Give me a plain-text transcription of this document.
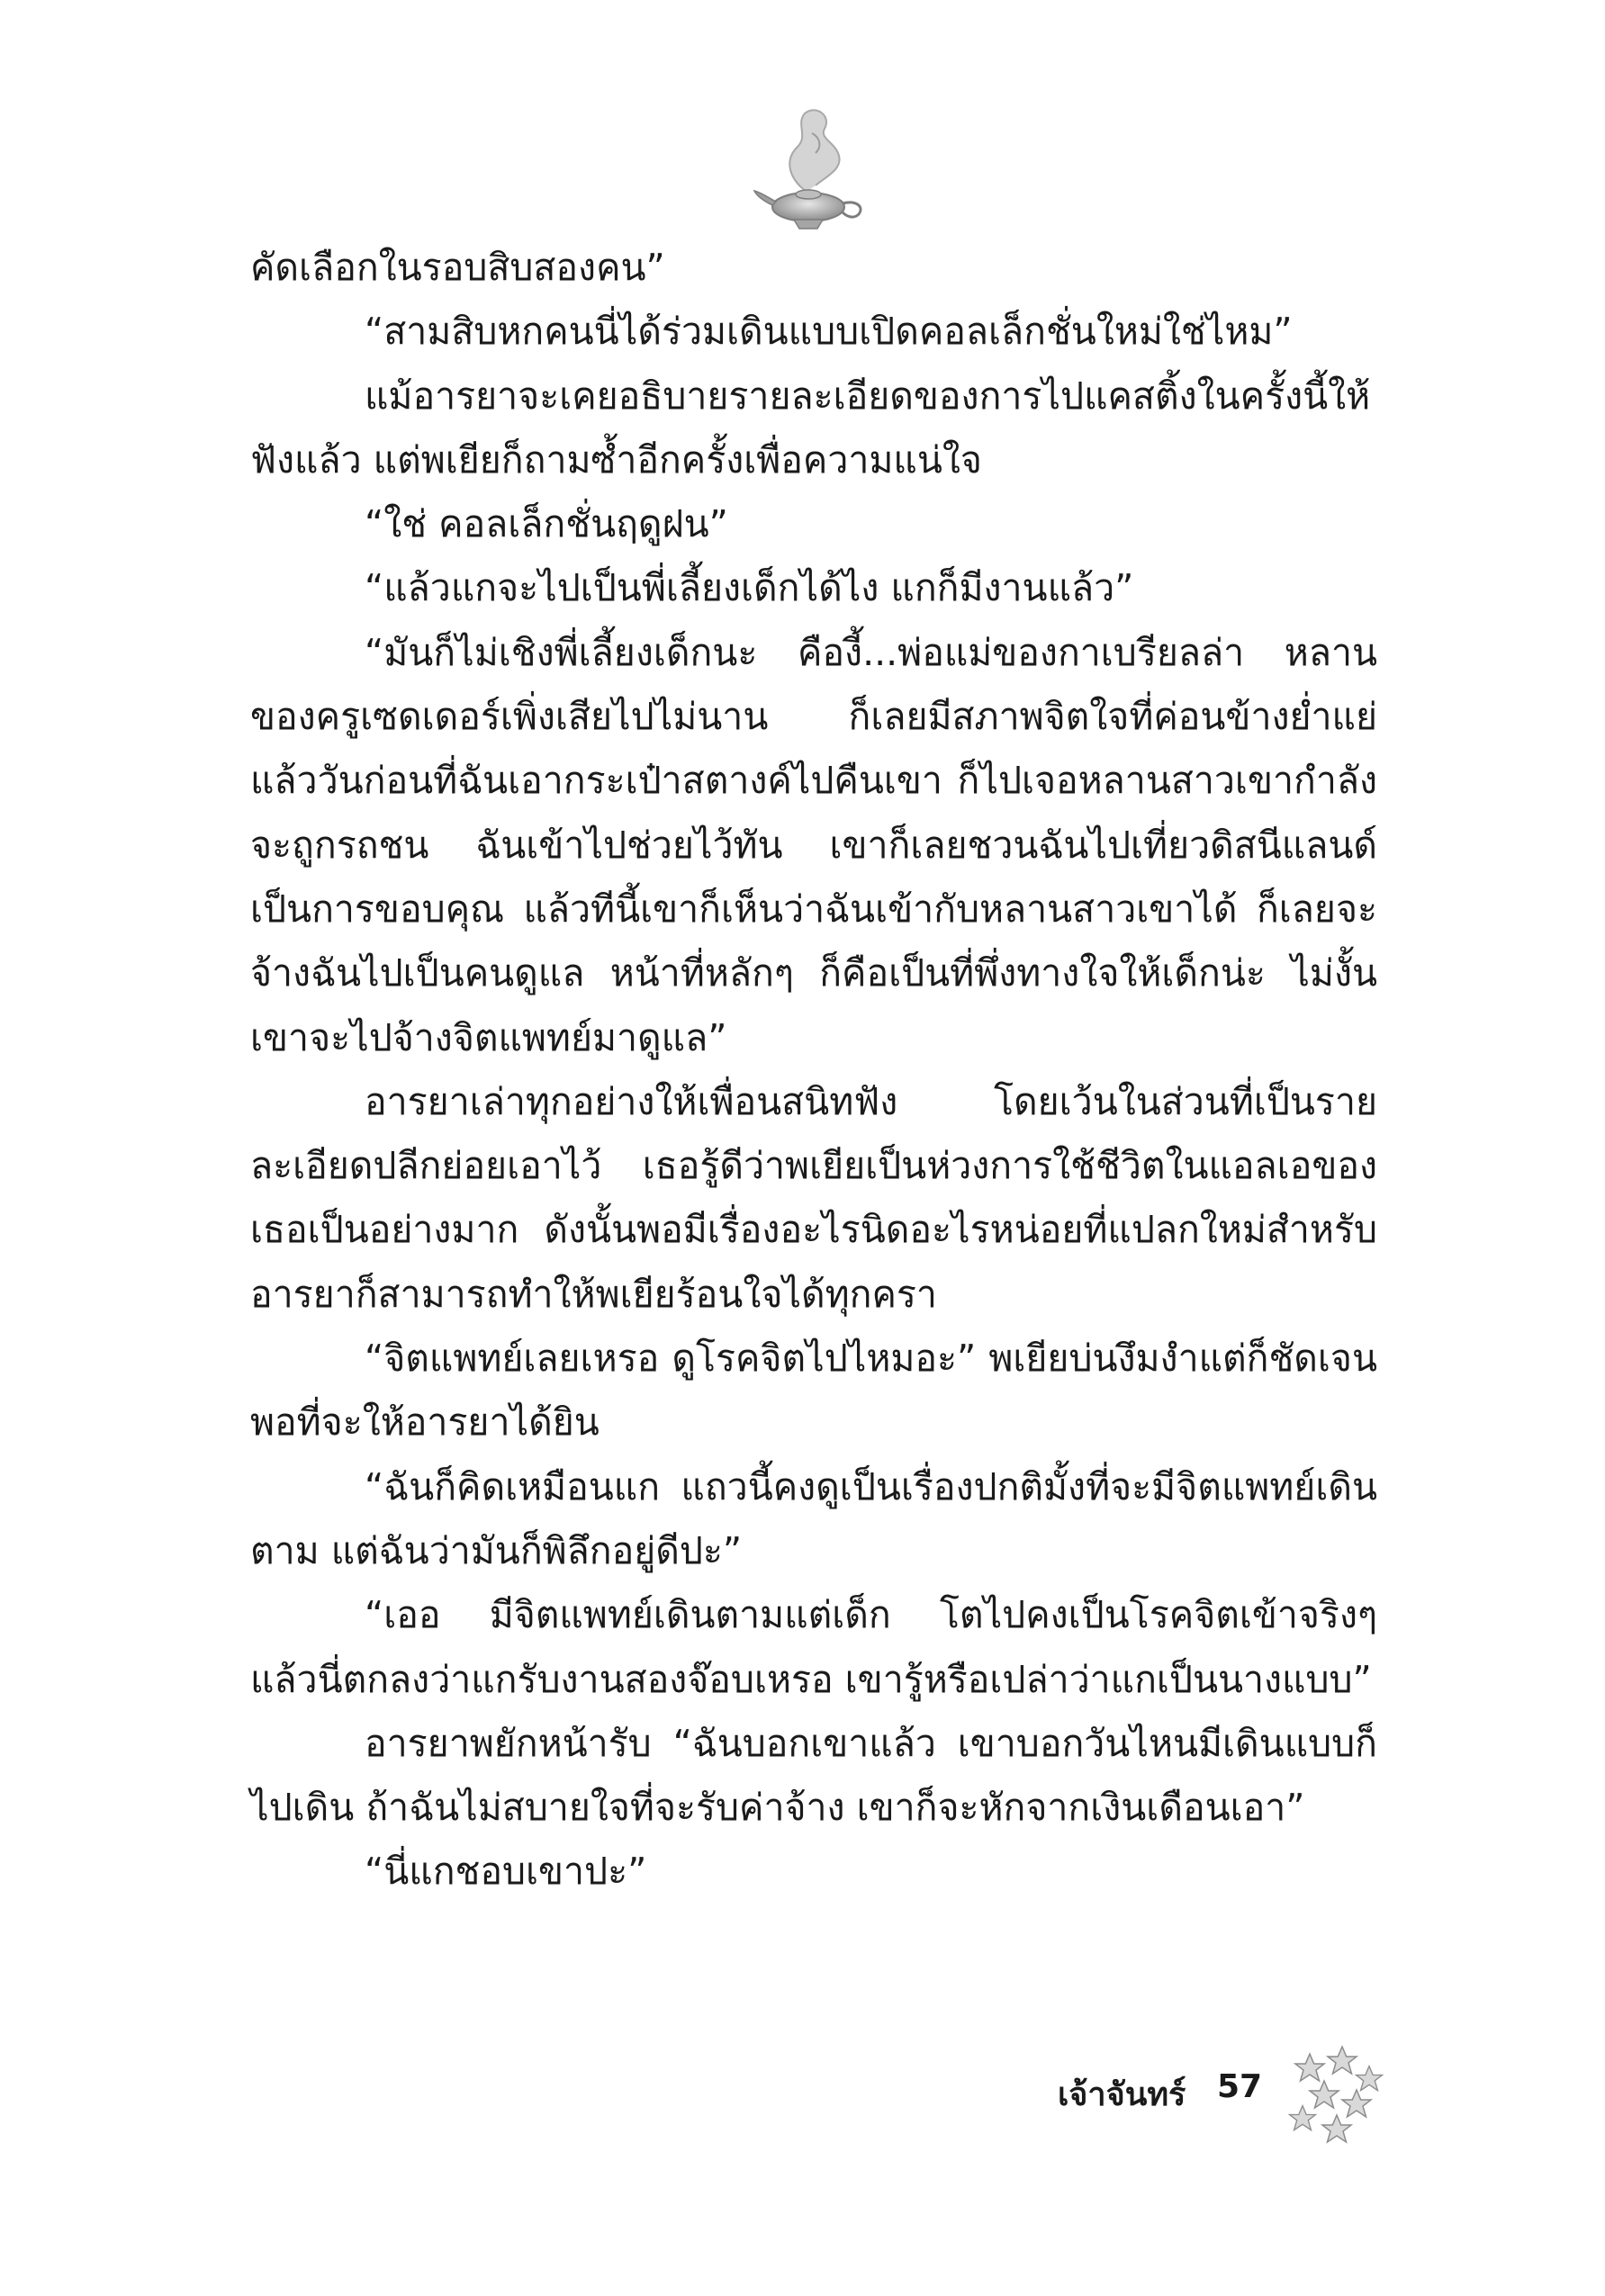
คัดเลือกในรอบสิบสองคน”

“สามสิบหกคนนี่ได้ร่วมเดินแบบเปิดคอลเล็กชั่นใหม่ใช่ไหม”

แม้อารยาจะเคยอธิบายรายละเอียดของการไปแคสติ้งในครั้งนี้ให้ฟังแล้ว แต่พเยียก็ถามซ้ำอีกครั้งเพื่อความแน่ใจ

“ใช่ คอลเล็กชั่นฤดูฝน”

“แล้วแกจะไปเป็นพี่เลี้ยงเด็กได้ไง แกก็มีงานแล้ว”

“มันก็ไม่เชิงพี่เลี้ยงเด็กนะ คืองี้...พ่อแม่ของกาเบรียลล่า หลานของครูเซดเดอร์เพิ่งเสียไปไม่นาน ก็เลยมีสภาพจิตใจที่ค่อนข้างย่ำแย่ แล้ววันก่อนที่ฉันเอากระเป๋าสตางค์ไปคืนเขา ก็ไปเจอหลานสาวเขากำลังจะถูกรถชน ฉันเข้าไปช่วยไว้ทัน เขาก็เลยชวนฉันไปเที่ยวดิสนีแลนด์เป็นการขอบคุณ แล้วทีนี้เขาก็เห็นว่าฉันเข้ากับหลานสาวเขาได้ ก็เลยจะจ้างฉันไปเป็นคนดูแล หน้าที่หลักๆ ก็คือเป็นที่พึ่งทางใจให้เด็กน่ะ ไม่งั้นเขาจะไปจ้างจิตแพทย์มาดูแล”

อารยาเล่าทุกอย่างให้เพื่อนสนิทฟัง โดยเว้นในส่วนที่เป็นรายละเอียดปลีกย่อยเอาไว้ เธอรู้ดีว่าพเยียเป็นห่วงการใช้ชีวิตในแอลเอของเธอเป็นอย่างมาก ดังนั้นพอมีเรื่องอะไรนิดอะไรหน่อยที่แปลกใหม่สำหรับอารยาก็สามารถทำให้พเยียร้อนใจได้ทุกครา

“จิตแพทย์เลยเหรอ ดูโรคจิตไปไหมอะ” พเยียบ่นงึมงำแต่ก็ชัดเจนพอที่จะให้อารยาได้ยิน

“ฉันก็คิดเหมือนแก แถวนี้คงดูเป็นเรื่องปกติมั้งที่จะมีจิตแพทย์เดินตาม แต่ฉันว่ามันก็พิลึกอยู่ดีปะ”

“เออ มีจิตแพทย์เดินตามแต่เด็ก โตไปคงเป็นโรคจิตเข้าจริงๆ แล้วนี่ตกลงว่าแกรับงานสองจ๊อบเหรอ เขารู้หรือเปล่าว่าแกเป็นนางแบบ”

อารยาพยักหน้ารับ “ฉันบอกเขาแล้ว เขาบอกวันไหนมีเดินแบบก็ไปเดิน ถ้าฉันไม่สบายใจที่จะรับค่าจ้าง เขาก็จะหักจากเงินเดือนเอา”

“นี่แกชอบเขาปะ”

เจ้าจันทร์ 57
